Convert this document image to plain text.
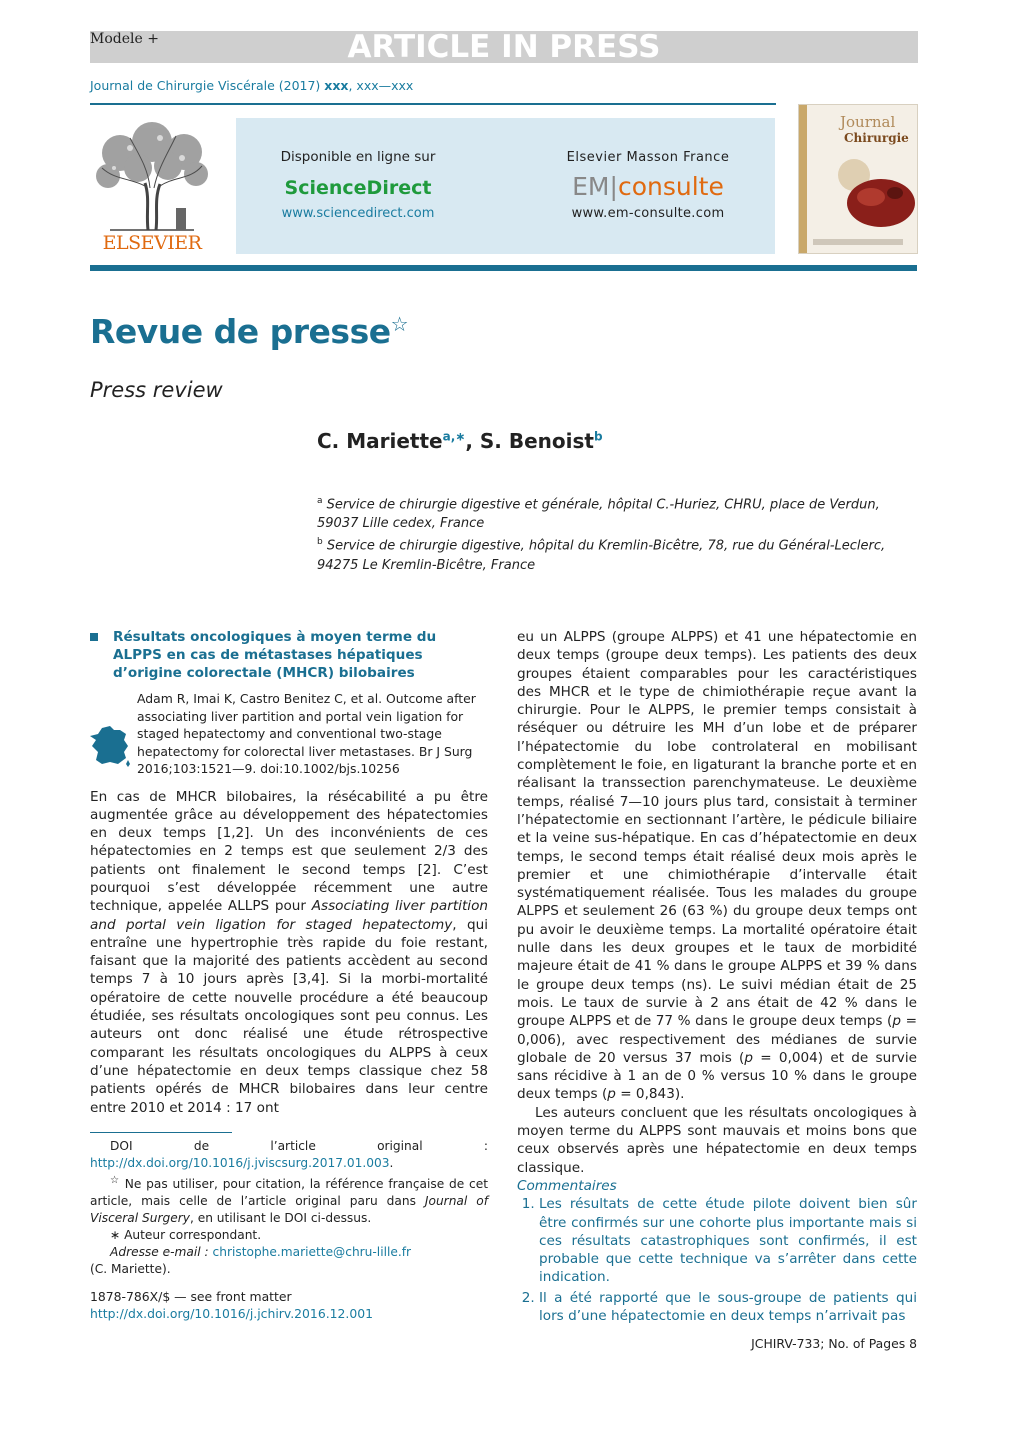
Modele +	ARTICLE IN PRESS
Journal de Chirurgie Viscérale (2017) xxx, xxx—xxx
ELSEVIER
Disponible en ligne sur
ScienceDirect
www.sciencedirect.com
Elsevier Masson France
EM|consulte
www.em-consulte.com
Journal
Chirurgie
Revue de presse☆
Press review
C. Mariette$^{a,∗}$, S. Benoist$^b$
$^a$ Service de chirurgie digestive et générale, hôpital C.-Huriez, CHRU, place de Verdun, 59037 Lille cedex, France
$^b$ Service de chirurgie digestive, hôpital du Kremlin-Bicêtre, 78, rue du Général-Leclerc, 94275 Le Kremlin-Bicêtre, France
Résultats oncologiques à moyen terme du ALPPS en cas de métastases hépatiques d’origine colorectale (MHCR) bilobaires
Adam R, Imai K, Castro Benitez C, et al. Outcome after associating liver partition and portal vein ligation for staged hepatectomy and conventional two-stage hepatectomy for colorectal liver metastases. Br J Surg 2016;103:1521—9. doi:10.1002/bjs.10256

En cas de MHCR bilobaires, la résécabilité a pu être augmentée grâce au développement des hépatectomies en deux temps [1,2]. Un des inconvénients de ces hépatectomies en 2 temps est que seulement 2/3 des patients ont finalement le second temps [2]. C’est pourquoi s’est développée récemment une autre technique, appelée ALLPS pour Associating liver partition and portal vein ligation for staged hepatectomy, qui entraîne une hypertrophie très rapide du foie restant, faisant que la majorité des patients accèdent au second temps 7 à 10 jours après [3,4]. Si la morbi-mortalité opératoire de cette nouvelle procédure a été beaucoup étudiée, ses résultats oncologiques sont peu connus. Les auteurs ont donc réalisé une étude rétrospective comparant les résultats oncologiques du ALPPS à ceux d’une hépatectomie en deux temps classique chez 58 patients opérés de MHCR bilobaires dans leur centre entre 2010 et 2014 : 17 ont

eu un ALPPS (groupe ALPPS) et 41 une hépatectomie en deux temps (groupe deux temps). Les patients des deux groupes étaient comparables pour les caractéristiques des MHCR et le type de chimiothérapie reçue avant la chirurgie. Pour le ALPPS, le premier temps consistait à réséquer ou détruire les MH d’un lobe et de préparer l’hépatectomie du lobe controlateral en mobilisant complètement le foie, en ligaturant la branche porte et en réalisant la transsection parenchymateuse. Le deuxième temps, réalisé 7—10 jours plus tard, consistait à terminer l’hépatectomie en sectionnant l’artère, le pédicule biliaire et la veine sus-hépatique. En cas d’hépatectomie en deux temps, le second temps était réalisé deux mois après le premier et une chimiothérapie d’intervalle était systématiquement réalisée. Tous les malades du groupe ALPPS et seulement 26 (63 %) du groupe deux temps ont pu avoir le deuxième temps. La mortalité opératoire était nulle dans les deux groupes et le taux de morbidité majeure était de 41 % dans le groupe ALPPS et 39 % dans le groupe deux temps (ns). Le suivi médian était de 25 mois. Le taux de survie à 2 ans était de 42 % dans le groupe ALPPS et de 77 % dans le groupe deux temps (p = 0,006), avec respectivement des médianes de survie globale de 20 versus 37 mois (p = 0,004) et de survie sans récidive à 1 an de 0 % versus 10 % dans le groupe deux temps (p = 0,843).

Les auteurs concluent que les résultats oncologiques à moyen terme du ALPPS sont mauvais et moins bons que ceux observés après une hépatectomie en deux temps classique.

Commentaires
1. Les résultats de cette étude pilote doivent bien sûr être confirmés sur une cohorte plus importante mais si ces résultats catastrophiques sont confirmés, il est probable que cette technique va s’arrêter dans cette indication.
2. Il a été rapporté que le sous-groupe de patients qui lors d’une hépatectomie en deux temps n’arrivait pas

DOI de l’article original : http://dx.doi.org/10.1016/j.jviscsurg.2017.01.003.

☆ Ne pas utiliser, pour citation, la référence française de cet article, mais celle de l’article original paru dans Journal of Visceral Surgery, en utilisant le DOI ci-dessus.

∗ Auteur correspondant.

Adresse e-mail : christophe.mariette@chru-lille.fr

(C. Mariette).

1878-786X/$ — see front matter
http://dx.doi.org/10.1016/j.jchirv.2016.12.001
JCHIRV-733; No. of Pages 8
